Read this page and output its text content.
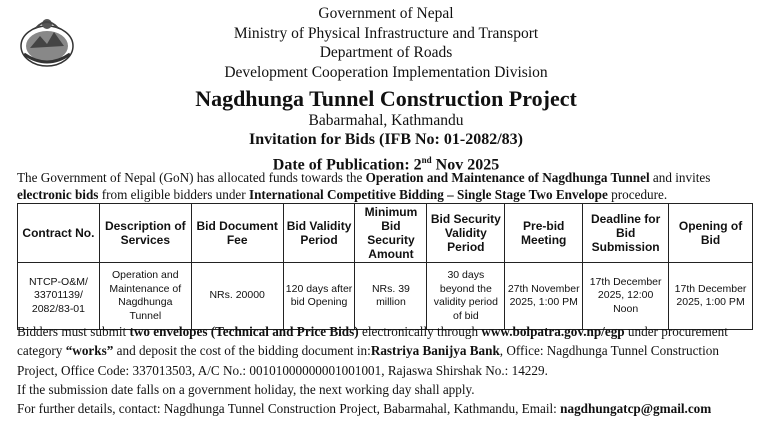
Government of Nepal
Ministry of Physical Infrastructure and Transport
Department of Roads
Development Cooperation Implementation Division
Nagdhunga Tunnel Construction Project
Babarmahal, Kathmandu
Invitation for Bids (IFB No: 01-2082/83)
Date of Publication: 2nd Nov 2025
The Government of Nepal (GoN) has allocated funds towards the Operation and Maintenance of Nagdhunga Tunnel and invites electronic bids from eligible bidders under International Competitive Bidding – Single Stage Two Envelope procedure.
Contract No.	Description of Services	Bid Document Fee	Bid Validity Period	Minimum Bid Security Amount	Bid Security Validity Period	Pre-bid Meeting	Deadline for Bid Submission	Opening of Bid
NTCP-O&M/ 33701139/ 2082/83-01	Operation and Maintenance of Nagdhunga Tunnel	NRs. 20000	120 days after bid Opening	NRs. 39 million	30 days beyond the validity period of bid	27th November 2025, 1:00 PM	17th December 2025, 12:00 Noon	17th December 2025, 1:00 PM

Bidders must submit two envelopes (Technical and Price Bids) electronically through www.bolpatra.gov.np/egp under procurement category “works” and deposit the cost of the bidding document in:Rastriya Banijya Bank, Office: Nagdhunga Tunnel Construction Project, Office Code: 337013503, A/C No.: 00101000000001001001, Rajaswa Shirshak No.: 14229.

If the submission date falls on a government holiday, the next working day shall apply.

For further details, contact: Nagdhunga Tunnel Construction Project, Babarmahal, Kathmandu, Email: nagdhungatcp@gmail.com
